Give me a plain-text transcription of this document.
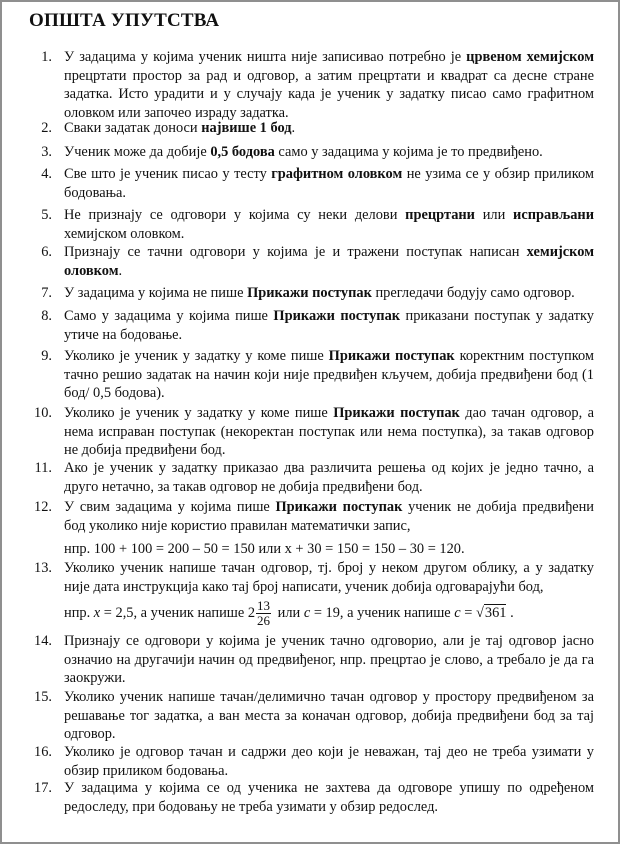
ОПШТА УПУТСТВА
1. У задацима у којима ученик ништа није записивао потребно је црвеном хемијском прецртати простор за рад и одговор, а затим прецртати и квадрат са десне стране задатка. Исто урадити и у случају када је ученик у задатку писао само графитном оловком или започео израду задатка.
2. Сваки задатак доноси највише 1 бод.
3. Ученик може да добије 0,5 бодова само у задацима у којима је то предвиђено.
4. Све што је ученик писао у тесту графитном оловком не узима се у обзир приликом бодовања.
5. Не признају се одговори у којима су неки делови прецртани или исправљани хемијском оловком.
6. Признају се тачни одговори у којима је и тражени поступак написан хемијском оловком.
7. У задацима у којима не пише Прикажи поступак прегледачи бодују само одговор.
8. Само у задацима у којима пише Прикажи поступак приказани поступак у задатку утиче на бодовање.
9. Уколико је ученик у задатку у коме пише Прикажи поступак коректним поступком тачно решио задатак на начин који није предвиђен кључем, добија предвиђени бод (1 бод/ 0,5 бодова).
10. Уколико је ученик у задатку у коме пише Прикажи поступак дао тачан одговор, а нема исправан поступак (некоректан поступак или нема поступка), за такав одговор не добија предвиђени бод.
11. Ако је ученик у задатку приказао два различита решења од којих је једно тачно, а друго нетачно, за такав одговор не добија предвиђени бод.
12. У свим задацима у којима пише Прикажи поступак ученик не добија предвиђени бод уколико није користио правилан математички запис,
нпр. 100 + 100 = 200 – 50 = 150 или x + 30 = 150 = 150 – 30 = 120.
13. Уколико ученик напише тачан одговор, тј. број у неком другом облику, а у задатку није дата инструкција како тај број написати, ученик добија одговарајући бод,
нпр. x = 2,5, а ученик напише $2 \frac{13}{26}$ или c = 19, а ученик напише c = √361 .
14. Признају се одговори у којима је ученик тачно одговорио, али је тај одговор јасно означио на другачији начин од предвиђеног, нпр. прецртао је слово, а требало је да га заокружи.
15. Уколико ученик напише тачан/делимично тачан одговор у простору предвиђеном за решавање тог задатка, а ван места за коначан одговор, добија предвиђени бод за тај одговор.
16. Уколико је одговор тачан и садржи део који је неважан, тај део не треба узимати у обзир приликом бодовања.
17. У задацима у којима се од ученика не захтева да одговоре упишу по одређеном редоследу, при бодовању не треба узимати у обзир редослед.
